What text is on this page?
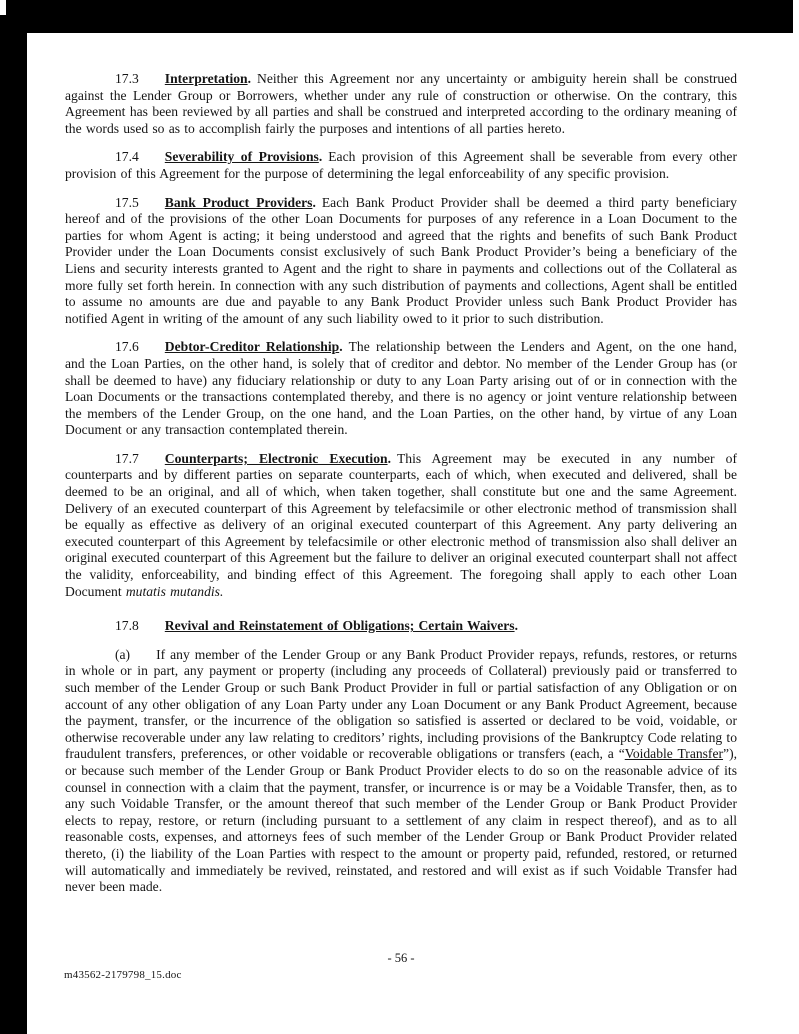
17.3 Interpretation. Neither this Agreement nor any uncertainty or ambiguity herein shall be construed against the Lender Group or Borrowers, whether under any rule of construction or otherwise. On the contrary, this Agreement has been reviewed by all parties and shall be construed and interpreted according to the ordinary meaning of the words used so as to accomplish fairly the purposes and intentions of all parties hereto.

17.4 Severability of Provisions. Each provision of this Agreement shall be severable from every other provision of this Agreement for the purpose of determining the legal enforceability of any specific provision.

17.5 Bank Product Providers. Each Bank Product Provider shall be deemed a third party beneficiary hereof and of the provisions of the other Loan Documents for purposes of any reference in a Loan Document to the parties for whom Agent is acting; it being understood and agreed that the rights and benefits of such Bank Product Provider under the Loan Documents consist exclusively of such Bank Product Provider’s being a beneficiary of the Liens and security interests granted to Agent and the right to share in payments and collections out of the Collateral as more fully set forth herein. In connection with any such distribution of payments and collections, Agent shall be entitled to assume no amounts are due and payable to any Bank Product Provider unless such Bank Product Provider has notified Agent in writing of the amount of any such liability owed to it prior to such distribution.

17.6 Debtor-Creditor Relationship. The relationship between the Lenders and Agent, on the one hand, and the Loan Parties, on the other hand, is solely that of creditor and debtor. No member of the Lender Group has (or shall be deemed to have) any fiduciary relationship or duty to any Loan Party arising out of or in connection with the Loan Documents or the transactions contemplated thereby, and there is no agency or joint venture relationship between the members of the Lender Group, on the one hand, and the Loan Parties, on the other hand, by virtue of any Loan Document or any transaction contemplated therein.

17.7 Counterparts; Electronic Execution. This Agreement may be executed in any number of counterparts and by different parties on separate counterparts, each of which, when executed and delivered, shall be deemed to be an original, and all of which, when taken together, shall constitute but one and the same Agreement. Delivery of an executed counterpart of this Agreement by telefacsimile or other electronic method of transmission shall be equally as effective as delivery of an original executed counterpart of this Agreement. Any party delivering an executed counterpart of this Agreement by telefacsimile or other electronic method of transmission also shall deliver an original executed counterpart of this Agreement but the failure to deliver an original executed counterpart shall not affect the validity, enforceability, and binding effect of this Agreement. The foregoing shall apply to each other Loan Document mutatis mutandis.

17.8 Revival and Reinstatement of Obligations; Certain Waivers.

(a) If any member of the Lender Group or any Bank Product Provider repays, refunds, restores, or returns in whole or in part, any payment or property (including any proceeds of Collateral) previously paid or transferred to such member of the Lender Group or such Bank Product Provider in full or partial satisfaction of any Obligation or on account of any other obligation of any Loan Party under any Loan Document or any Bank Product Agreement, because the payment, transfer, or the incurrence of the obligation so satisfied is asserted or declared to be void, voidable, or otherwise recoverable under any law relating to creditors’ rights, including provisions of the Bankruptcy Code relating to fraudulent transfers, preferences, or other voidable or recoverable obligations or transfers (each, a “Voidable Transfer”), or because such member of the Lender Group or Bank Product Provider elects to do so on the reasonable advice of its counsel in connection with a claim that the payment, transfer, or incurrence is or may be a Voidable Transfer, then, as to any such Voidable Transfer, or the amount thereof that such member of the Lender Group or Bank Product Provider elects to repay, restore, or return (including pursuant to a settlement of any claim in respect thereof), and as to all reasonable costs, expenses, and attorneys fees of such member of the Lender Group or Bank Product Provider related thereto, (i) the liability of the Loan Parties with respect to the amount or property paid, refunded, restored, or returned will automatically and immediately be revived, reinstated, and restored and will exist as if such Voidable Transfer had never been made.

- 56 -
m43562-2179798_15.doc
